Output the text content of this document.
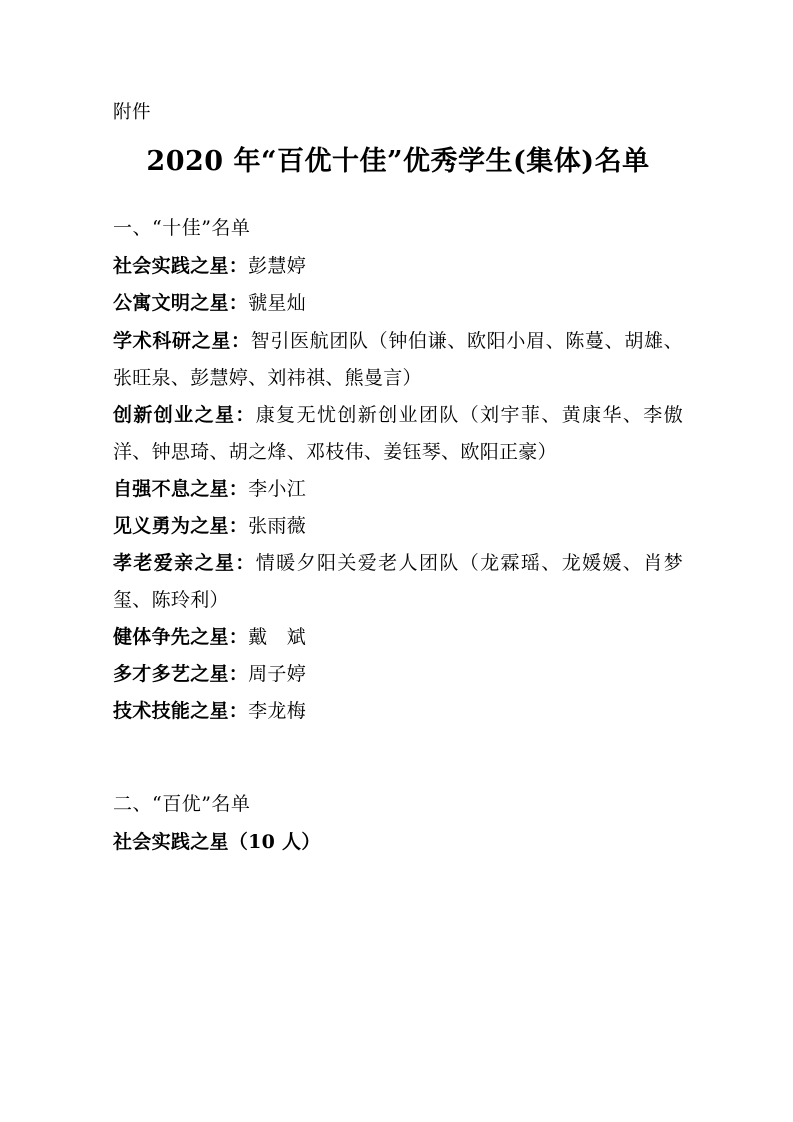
附件

2020 年“百优十佳”优秀学生(集体)名单

一、“十佳”名单

社会实践之星：彭慧婷

公寓文明之星：虢星灿

学术科研之星：智引医航团队（钟伯谦、欧阳小眉、陈蔓、胡雄、张旺泉、彭慧婷、刘祎祺、熊曼言）

创新创业之星：康复无忧创新创业团队（刘宇菲、黄康华、李傲洋、钟思琦、胡之烽、邓枝伟、姜钰琴、欧阳正豪）

自强不息之星：李小江

见义勇为之星：张雨薇

孝老爱亲之星：情暖夕阳关爱老人团队（龙霖瑶、龙媛媛、肖梦玺、陈玲利）

健体争先之星：戴　斌

多才多艺之星：周子婷

技术技能之星：李龙梅

二、“百优”名单

社会实践之星（10 人）
